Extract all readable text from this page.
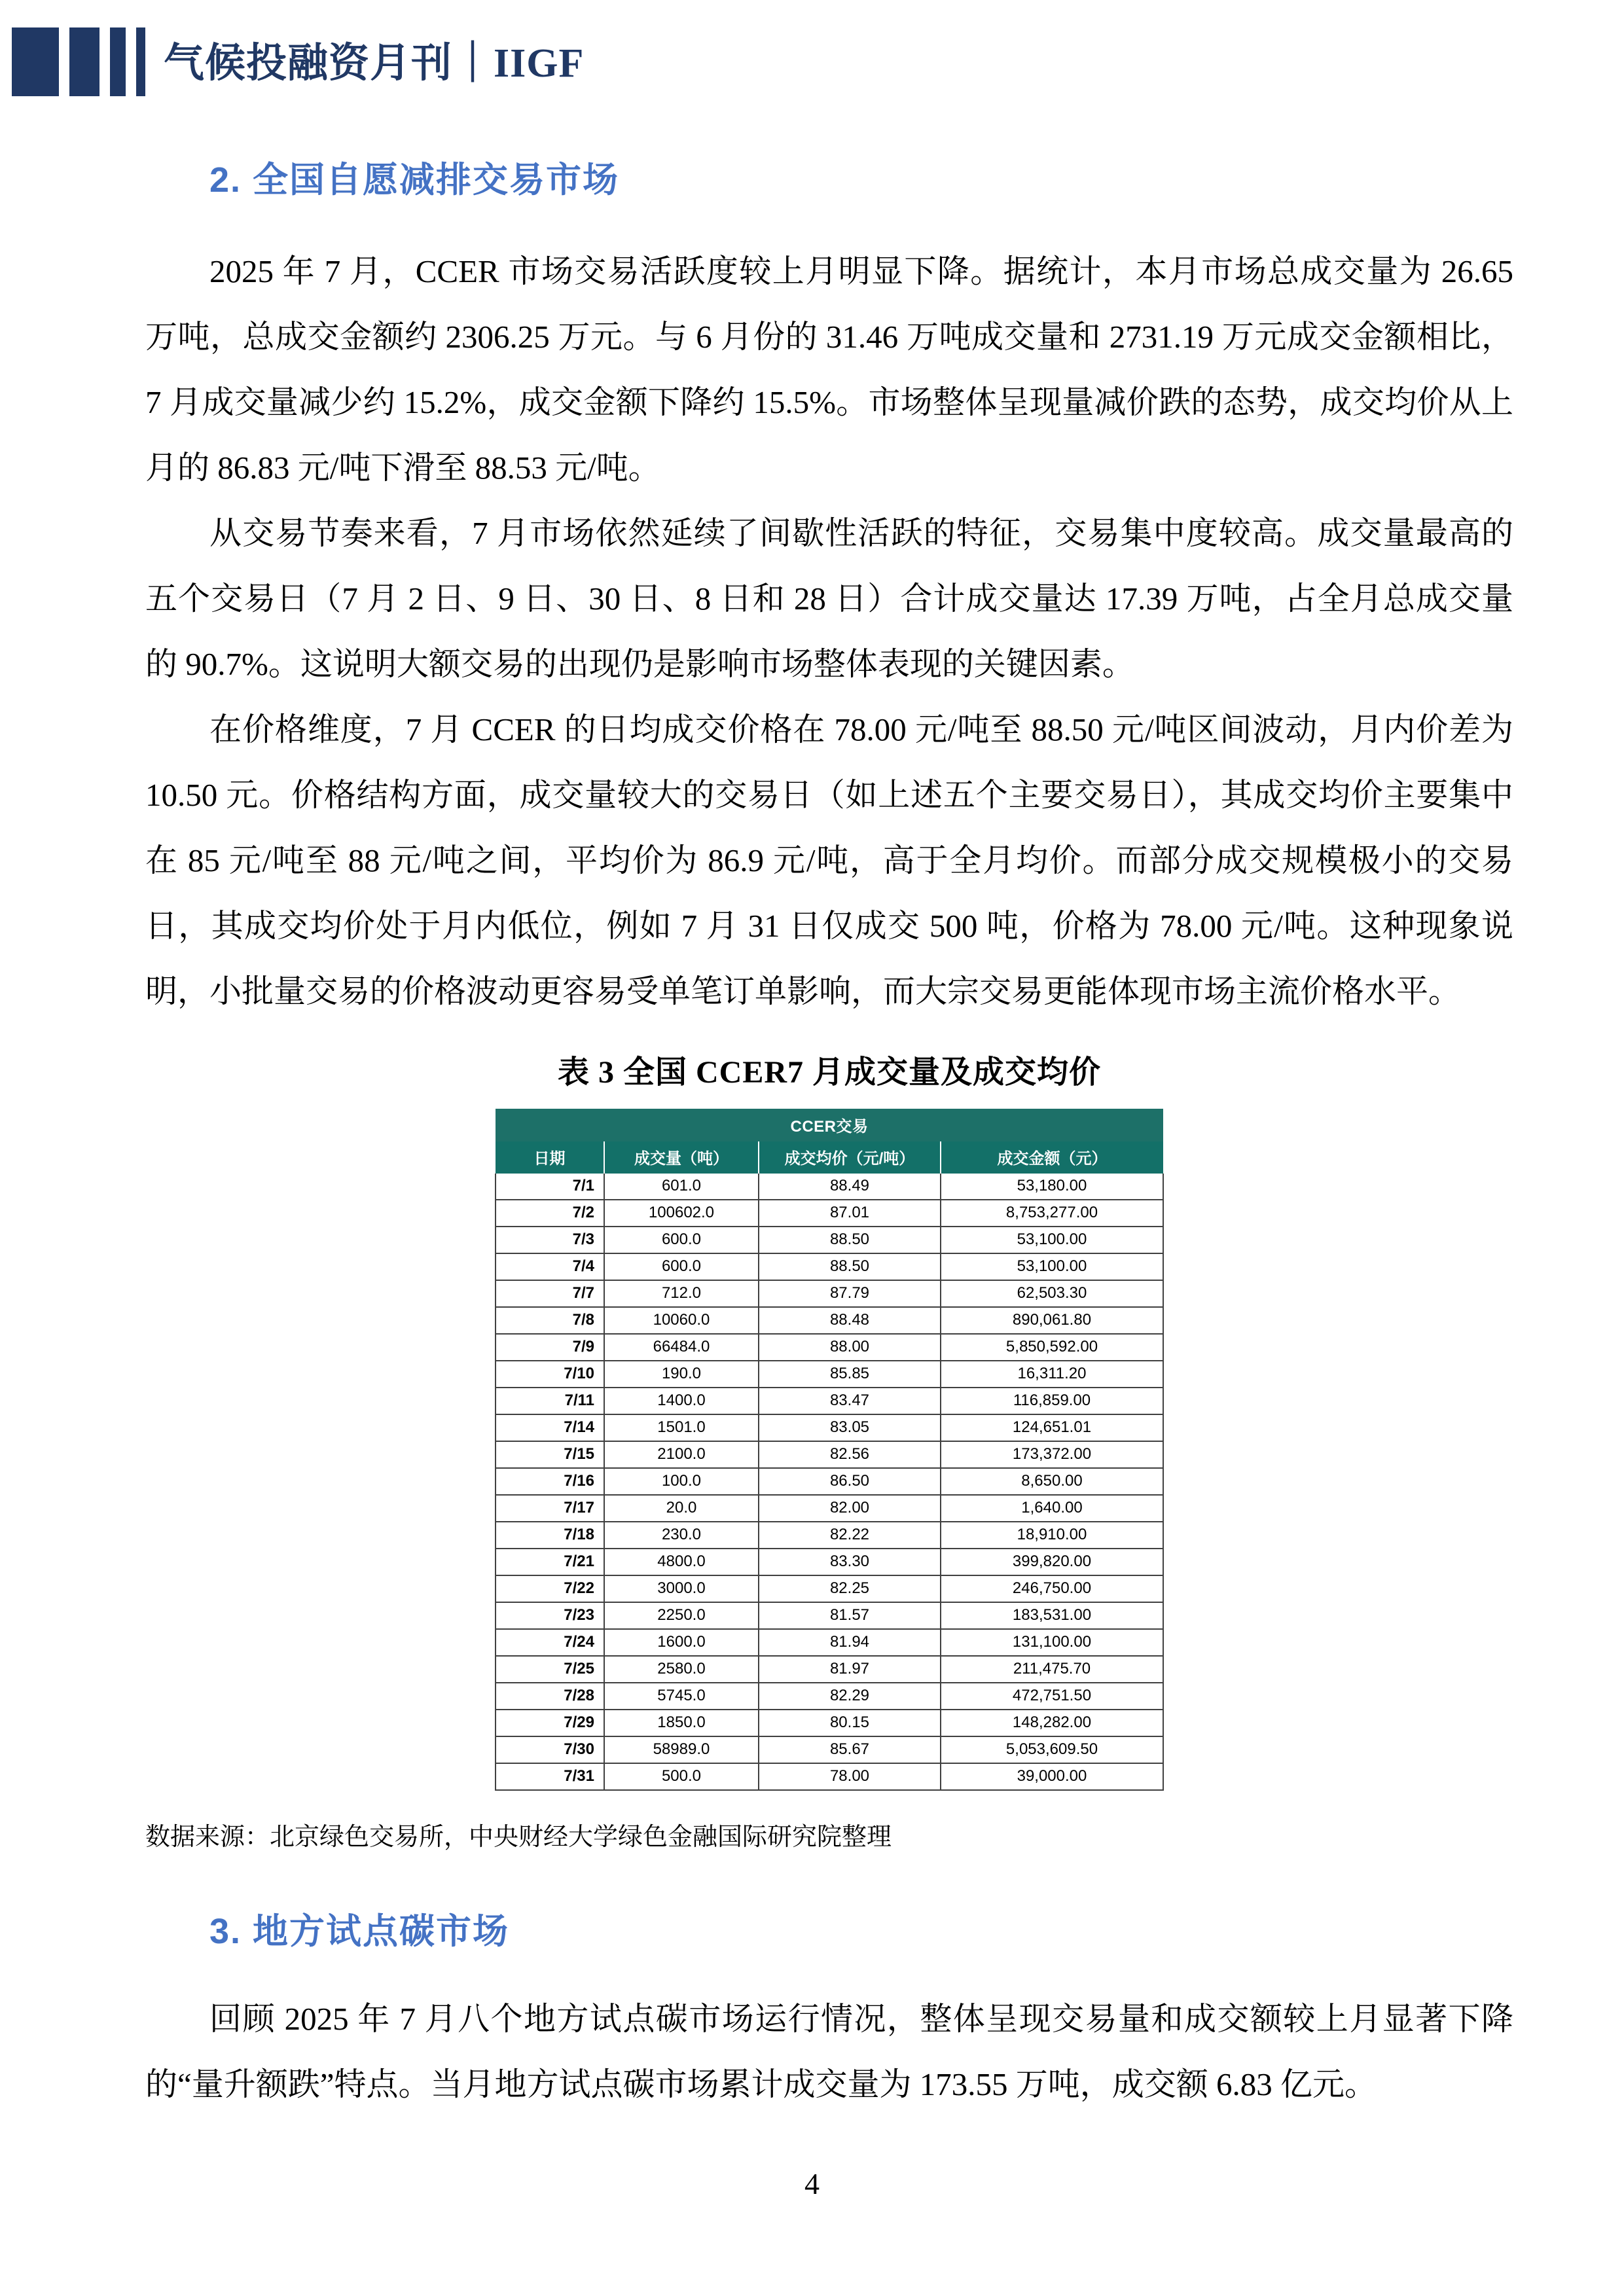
气候投融资月刊｜IIGF
2. 全国自愿减排交易市场

2025 年 7 月，CCER 市场交易活跃度较上月明显下降。据统计，本月市场总成交量为 26.65 万吨，总成交金额约 2306.25 万元。与 6 月份的 31.46 万吨成交量和 2731.19 万元成交金额相比，7 月成交量减少约 15.2%，成交金额下降约 15.5%。市场整体呈现量减价跌的态势，成交均价从上月的 86.83 元/吨下滑至 88.53 元/吨。

从交易节奏来看，7 月市场依然延续了间歇性活跃的特征，交易集中度较高。成交量最高的五个交易日（7 月 2 日、9 日、30 日、8 日和 28 日）合计成交量达 17.39 万吨，占全月总成交量的 90.7%。这说明大额交易的出现仍是影响市场整体表现的关键因素。

在价格维度，7 月 CCER 的日均成交价格在 78.00 元/吨至 88.50 元/吨区间波动，月内价差为 10.50 元。价格结构方面，成交量较大的交易日（如上述五个主要交易日），其成交均价主要集中在 85 元/吨至 88 元/吨之间，平均价为 86.9 元/吨，高于全月均价。而部分成交规模极小的交易日，其成交均价处于月内低位，例如 7 月 31 日仅成交 500 吨，价格为 78.00 元/吨。这种现象说明，小批量交易的价格波动更容易受单笔订单影响，而大宗交易更能体现市场主流价格水平。

表 3 全国 CCER7 月成交量及成交均价

CCER交易			
日期	成交量（吨）	成交均价（元/吨）	成交金额（元）
7/1	601.0	88.49	53,180.00
7/2	100602.0	87.01	8,753,277.00
7/3	600.0	88.50	53,100.00
7/4	600.0	88.50	53,100.00
7/7	712.0	87.79	62,503.30
7/8	10060.0	88.48	890,061.80
7/9	66484.0	88.00	5,850,592.00
7/10	190.0	85.85	16,311.20
7/11	1400.0	83.47	116,859.00
7/14	1501.0	83.05	124,651.01
7/15	2100.0	82.56	173,372.00
7/16	100.0	86.50	8,650.00
7/17	20.0	82.00	1,640.00
7/18	230.0	82.22	18,910.00
7/21	4800.0	83.30	399,820.00
7/22	3000.0	82.25	246,750.00
7/23	2250.0	81.57	183,531.00
7/24	1600.0	81.94	131,100.00
7/25	2580.0	81.97	211,475.70
7/28	5745.0	82.29	472,751.50
7/29	1850.0	80.15	148,282.00
7/30	58989.0	85.67	5,053,609.50
7/31	500.0	78.00	39,000.00

数据来源：北京绿色交易所，中央财经大学绿色金融国际研究院整理

3. 地方试点碳市场

回顾 2025 年 7 月八个地方试点碳市场运行情况，整体呈现交易量和成交额较上月显著下降的“量升额跌”特点。当月地方试点碳市场累计成交量为 173.55 万吨，成交额 6.83 亿元。

4
